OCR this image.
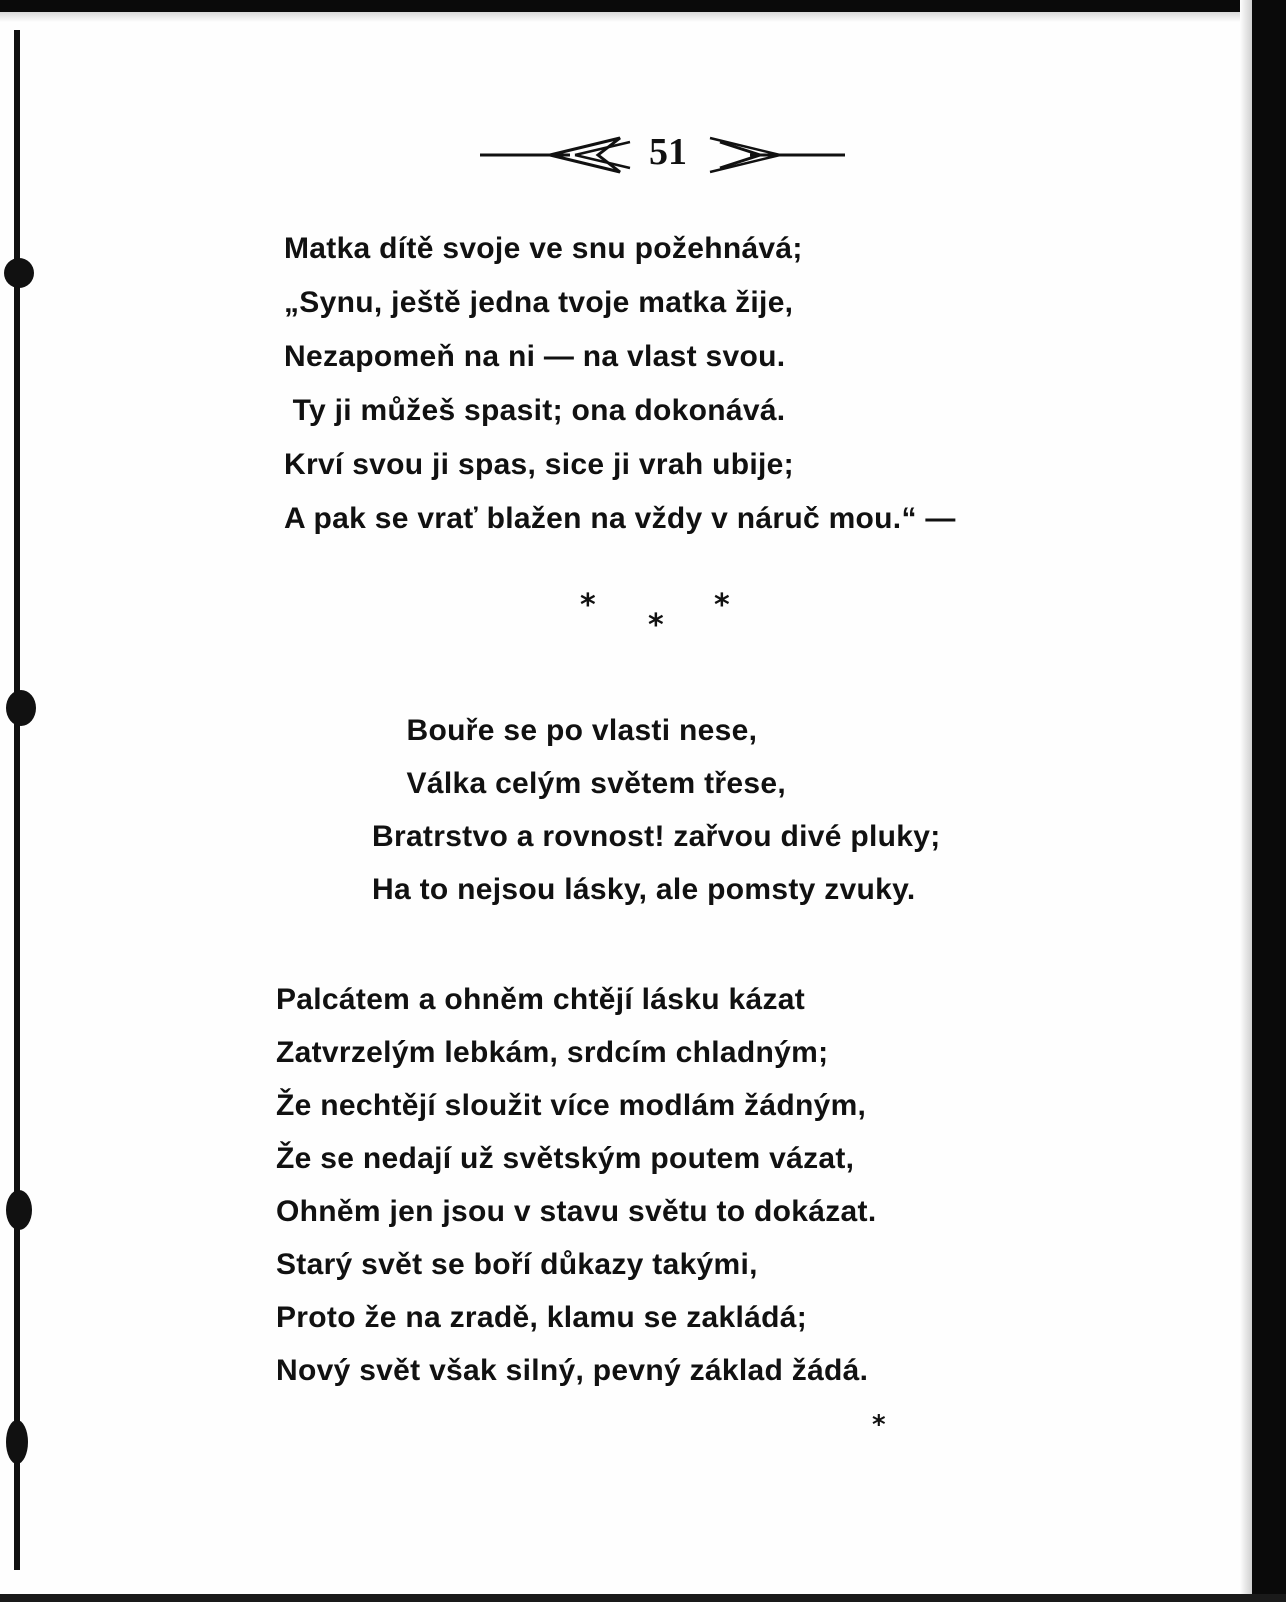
51
Matka dítě svoje ve snu požehnává;
„Synu, ještě jedna tvoje matka žije,
Nezapomeň na ni — na vlast svou.
Ty ji můžeš spasit; ona dokonává.
Krví svou ji spas, sice ji vrah ubije;
A pak se vrať blažen na vždy v náruč mou.“ —
*
*
*
Bouře se po vlasti nese,
Válka celým světem třese,
Bratrstvo a rovnost! zařvou divé pluky;
Ha to nejsou lásky, ale pomsty zvuky.
Palcátem a ohněm chtějí lásku kázat
Zatvrzelým lebkám, srdcím chladným;
Že nechtějí sloužit více modlám žádným,
Že se nedají už světským poutem vázat,
Ohněm jen jsou v stavu světu to dokázat.
Starý svět se boří důkazy takými,
Proto že na zradě, klamu se zakládá;
Nový svět však silný, pevný základ žádá.
*
